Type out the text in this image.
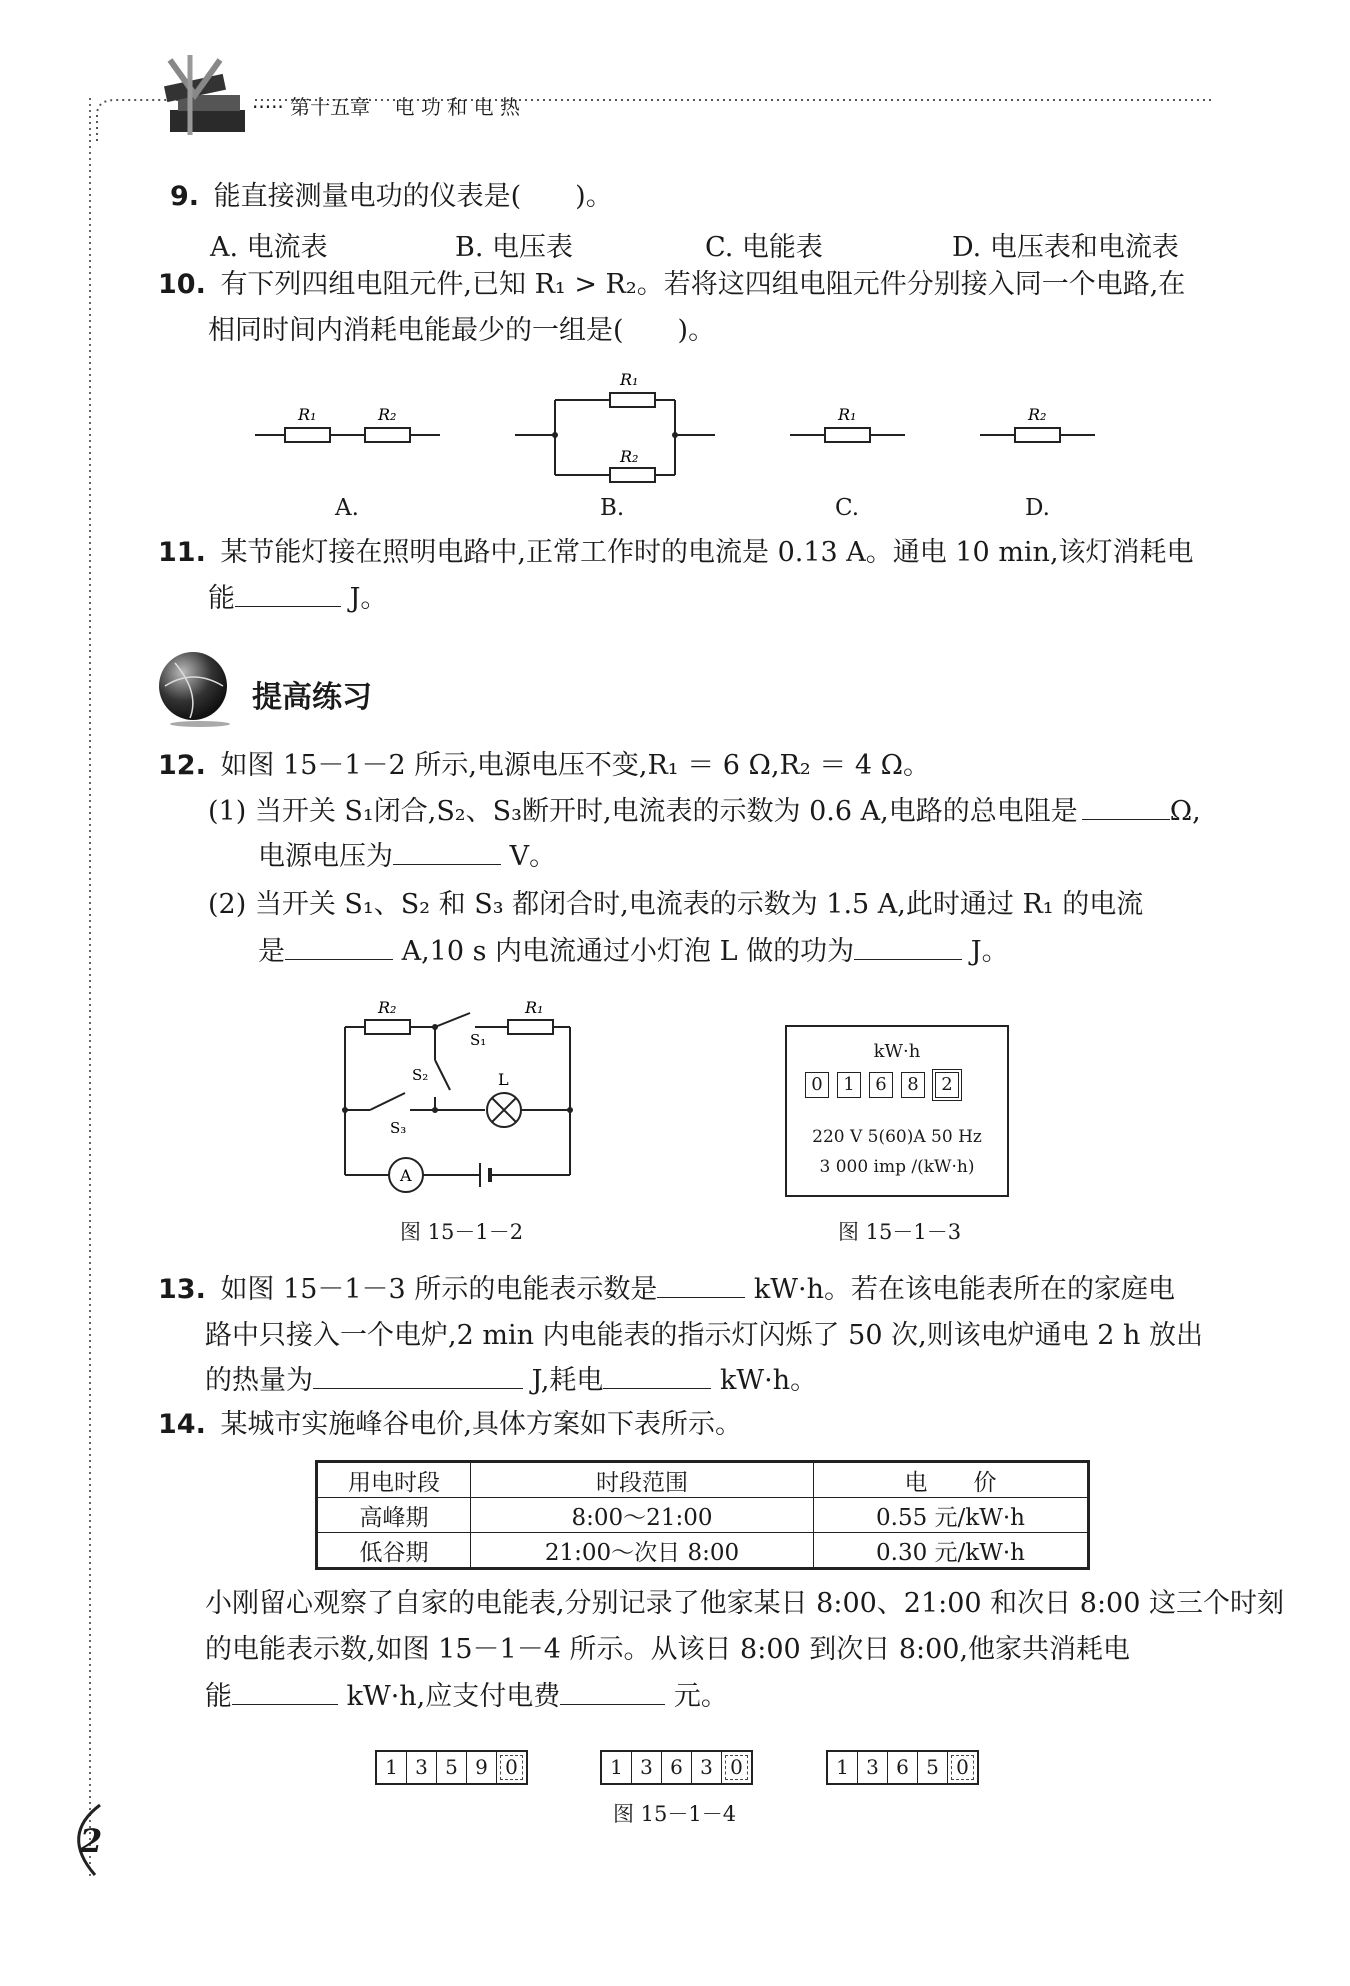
····· 第十五章 电 功 和 电 热
9. 能直接测量电功的仪表是(　　)。
A. 电流表	B. 电压表	C. 电能表	D. 电压表和电流表
10. 有下列四组电阻元件,已知 R₁ > R₂。若将这四组电阻元件分别接入同一个电路,在
相同时间内消耗电能最少的一组是(　　)。
R₁	R₂
R₁
R₂
R₁	R₂
A.	B.	C.	D.
11. 某节能灯接在照明电路中,正常工作时的电流是 0.13 A。通电 10 min,该灯消耗电
能	J。
提高练习
12. 如图 15－1－2 所示,电源电压不变,R₁ ＝ 6 Ω,R₂ ＝ 4 Ω。
(1) 当开关 S₁闭合,S₂、S₃断开时,电流表的示数为 0.6 A,电路的总电阻是	Ω,
电源电压为	V。
(2) 当开关 S₁、S₂ 和 S₃ 都闭合时,电流表的示数为 1.5 A,此时通过 R₁ 的电流
是	A,10 s 内电流通过小灯泡 L 做的功为	J。
R₂	R₁
S₁
S₂
S₃
L
A
图 15－1－2
kW·h
0	1	6	8	2
220 V 5(60)A 50 Hz
3 000 imp /(kW·h)
图 15－1－3
13. 如图 15－1－3 所示的电能表示数是	kW·h。若在该电能表所在的家庭电
路中只接入一个电炉,2 min 内电能表的指示灯闪烁了 50 次,则该电炉通电 2 h 放出
的热量为	J,耗电	kW·h。
14. 某城市实施峰谷电价,具体方案如下表所示。
用电时段	时段范围	电　　价
高峰期	8:00～21:00	0.55 元/kW·h
低谷期	21:00～次日 8:00	0.30 元/kW·h
小刚留心观察了自家的电能表,分别记录了他家某日 8:00、21:00 和次日 8:00 这三个时刻
的电能表示数,如图 15－1－4 所示。从该日 8:00 到次日 8:00,他家共消耗电
能	kW·h,应支付电费	元。
1 3 5 9 0	1 3 6 3 0	1 3 6 5 0
图 15－1－4
2
